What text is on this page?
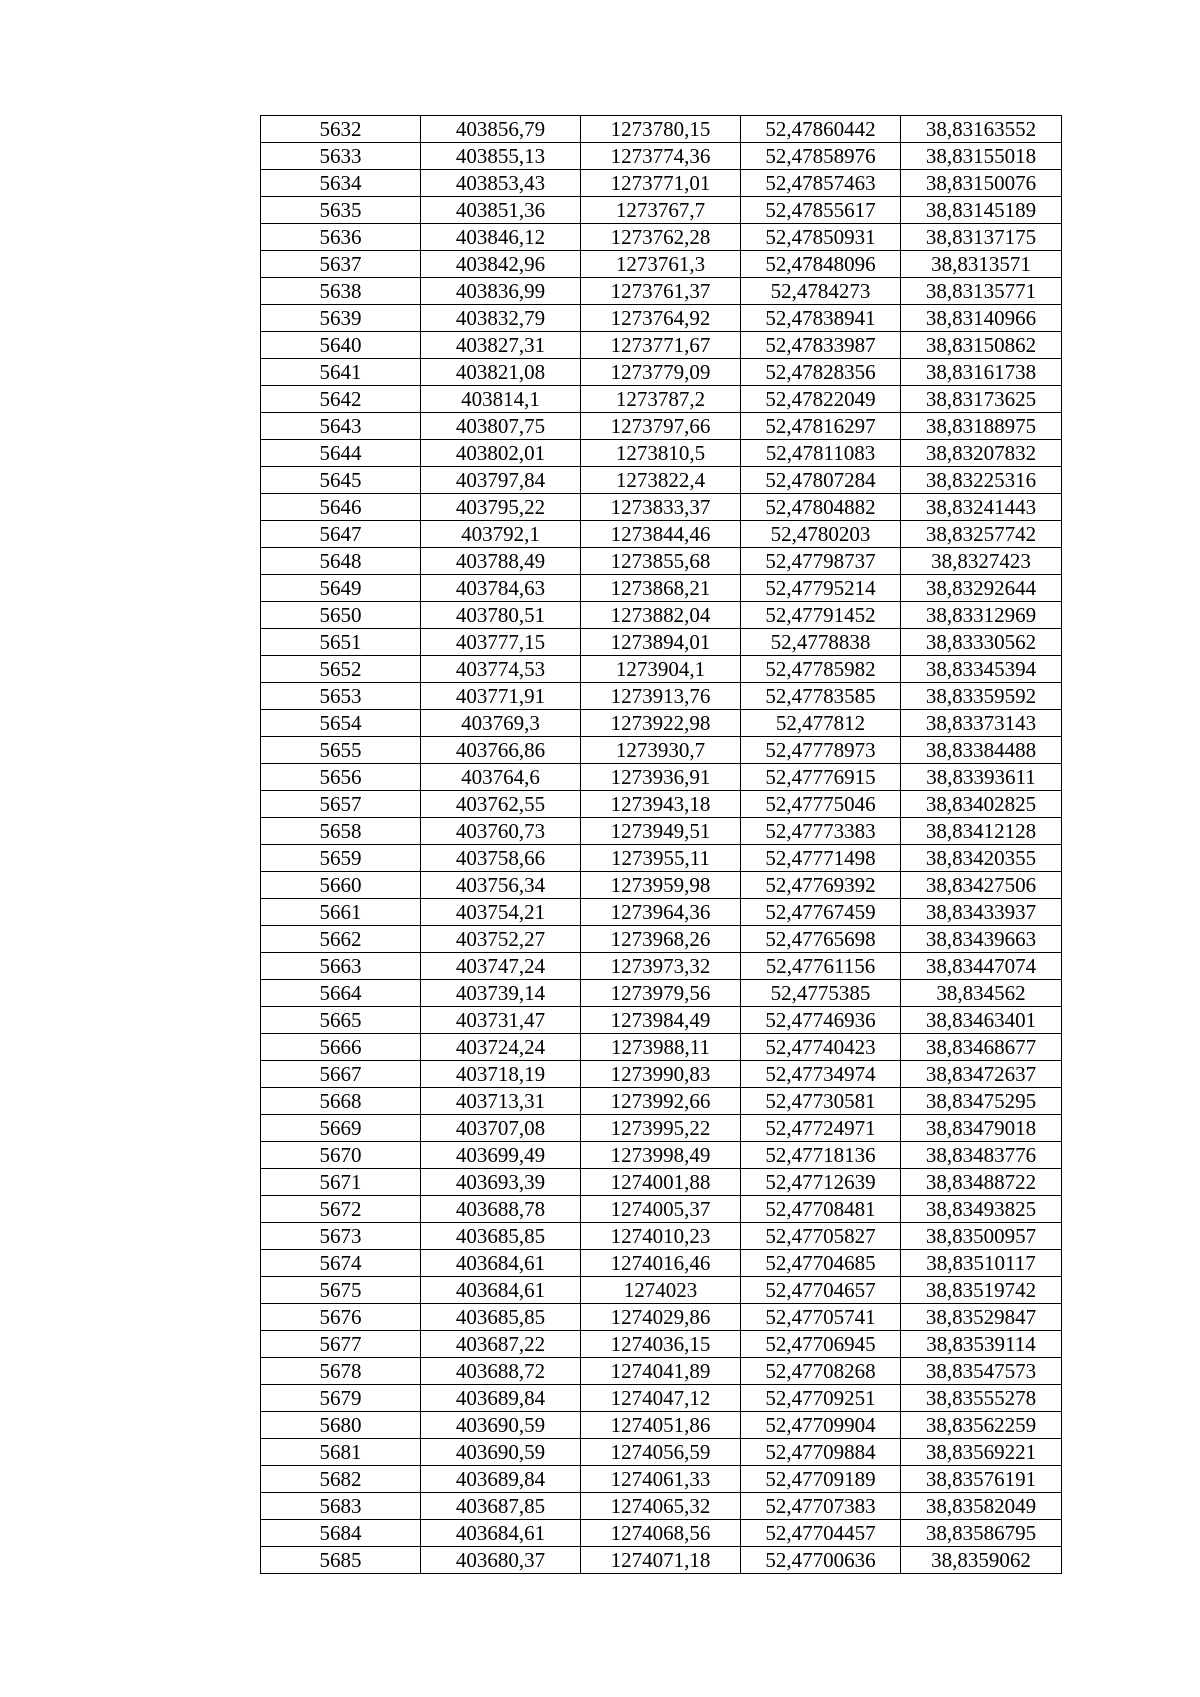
5632	403856,79	1273780,15	52,47860442	38,83163552
5633	403855,13	1273774,36	52,47858976	38,83155018
5634	403853,43	1273771,01	52,47857463	38,83150076
5635	403851,36	1273767,7	52,47855617	38,83145189
5636	403846,12	1273762,28	52,47850931	38,83137175
5637	403842,96	1273761,3	52,47848096	38,8313571
5638	403836,99	1273761,37	52,4784273	38,83135771
5639	403832,79	1273764,92	52,47838941	38,83140966
5640	403827,31	1273771,67	52,47833987	38,83150862
5641	403821,08	1273779,09	52,47828356	38,83161738
5642	403814,1	1273787,2	52,47822049	38,83173625
5643	403807,75	1273797,66	52,47816297	38,83188975
5644	403802,01	1273810,5	52,47811083	38,83207832
5645	403797,84	1273822,4	52,47807284	38,83225316
5646	403795,22	1273833,37	52,47804882	38,83241443
5647	403792,1	1273844,46	52,4780203	38,83257742
5648	403788,49	1273855,68	52,47798737	38,8327423
5649	403784,63	1273868,21	52,47795214	38,83292644
5650	403780,51	1273882,04	52,47791452	38,83312969
5651	403777,15	1273894,01	52,4778838	38,83330562
5652	403774,53	1273904,1	52,47785982	38,83345394
5653	403771,91	1273913,76	52,47783585	38,83359592
5654	403769,3	1273922,98	52,477812	38,83373143
5655	403766,86	1273930,7	52,47778973	38,83384488
5656	403764,6	1273936,91	52,47776915	38,83393611
5657	403762,55	1273943,18	52,47775046	38,83402825
5658	403760,73	1273949,51	52,47773383	38,83412128
5659	403758,66	1273955,11	52,47771498	38,83420355
5660	403756,34	1273959,98	52,47769392	38,83427506
5661	403754,21	1273964,36	52,47767459	38,83433937
5662	403752,27	1273968,26	52,47765698	38,83439663
5663	403747,24	1273973,32	52,47761156	38,83447074
5664	403739,14	1273979,56	52,4775385	38,834562
5665	403731,47	1273984,49	52,47746936	38,83463401
5666	403724,24	1273988,11	52,47740423	38,83468677
5667	403718,19	1273990,83	52,47734974	38,83472637
5668	403713,31	1273992,66	52,47730581	38,83475295
5669	403707,08	1273995,22	52,47724971	38,83479018
5670	403699,49	1273998,49	52,47718136	38,83483776
5671	403693,39	1274001,88	52,47712639	38,83488722
5672	403688,78	1274005,37	52,47708481	38,83493825
5673	403685,85	1274010,23	52,47705827	38,83500957
5674	403684,61	1274016,46	52,47704685	38,83510117
5675	403684,61	1274023	52,47704657	38,83519742
5676	403685,85	1274029,86	52,47705741	38,83529847
5677	403687,22	1274036,15	52,47706945	38,83539114
5678	403688,72	1274041,89	52,47708268	38,83547573
5679	403689,84	1274047,12	52,47709251	38,83555278
5680	403690,59	1274051,86	52,47709904	38,83562259
5681	403690,59	1274056,59	52,47709884	38,83569221
5682	403689,84	1274061,33	52,47709189	38,83576191
5683	403687,85	1274065,32	52,47707383	38,83582049
5684	403684,61	1274068,56	52,47704457	38,83586795
5685	403680,37	1274071,18	52,47700636	38,8359062
